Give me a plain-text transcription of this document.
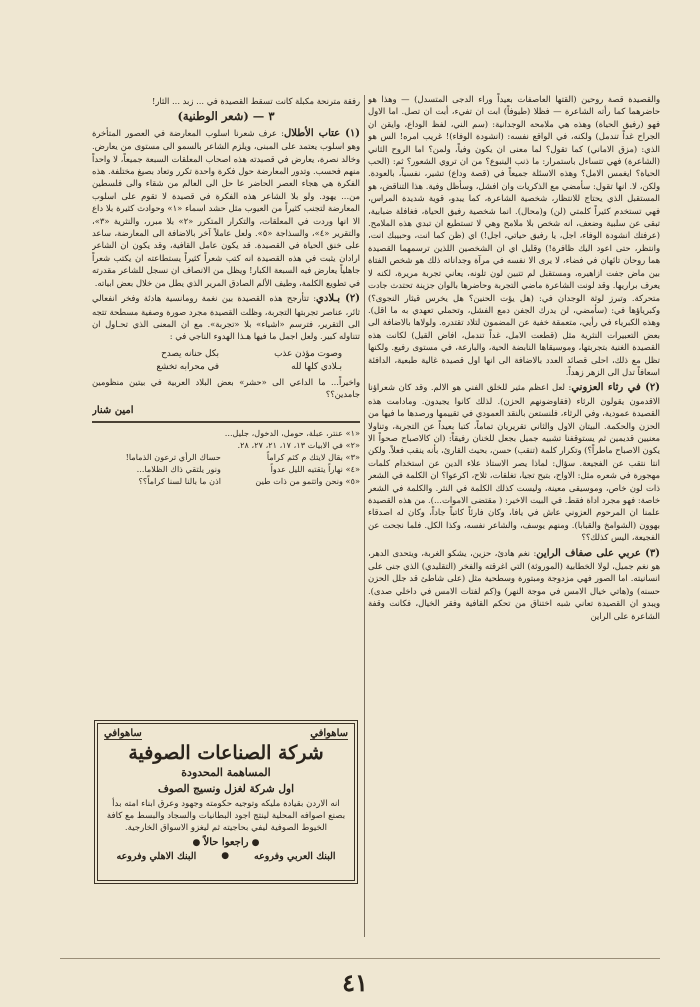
والقصيدة قصة روحين (القتها العاصفات بعيداً وراء الدجى المتسدل) — وهذا هو حاضرهما كما رأته الشاعرة — فظلا (طيوفاً) ابت ان تفيء، أبت ان تصل. اما الاول فهو (رفيق الحياة) وهذه هي ملامحه الوجدانية: (سم الني، لفظ الوداع، وايقن ان الجراح غداً تندمل) ولكنه، في الواقع نفسه: (انشودة الوفاء)! غريب امره! الس هو الذي: (مزق الاماني) كما تقول؟ لما معنى ان يكون وفياً، ولمن؟ اما الروح الثاني (الشاعرة) فهي تتساءل باستمرار: ما ذنب الينبوع؟ من ان تروي الشعور؟ ثم: (الحب الحياة؟ ايغمس الامل؟ وهذه الاسئلة جميعاً في (قصة وداع) تشير، نفسياً، بالعودة. ولكن، لا. انها تقول: سأمضي مع الذكريات وان افشل، وسأظل وفية. هذا التناقض، هو المستقبل الذي يحتاج للانتظار، شخصية الشاعرة، كما يبدو، قوية شديدة المراس، فهي تستخدم كثيراً كلمتي (لن) و(محال). انما شخصية رفيق الحياة، فغافلة ضبابية، تبقى عن سلبية وضعف، انه شخص بلا ملامح وهي لا تستطيع ان تبدي هذه الملامح. (عرفتك انشودة الوفاء، اجل، يا رفيق حياتي، اجل!) اي (ظن كما انت، وحبيبك انت، وانتظر، حتى اعود اليك ظافرة!) وقليل اي ان الشخصين اللذين ترسمهما القصيدة هما روحان تائهان في فضاء، لا يرى الا نفسه في مرآة وجداناته ذلك هو شخص الفتاة بين ماض جفت ازاهيره، ومستقبل لم تتبين لون تلونه، يعاني تجربة مريرة، لكنه لا يعرف براريها. وقد لونت الشاعرة ماضي التجربة وحاضرها بالوان جزينة تحتدث جادت متحركة. وتبرز لوثة الوجدان في: (هل يؤت الحنين؟ هل يخرس قيثار النجوى؟) وكبرياؤها في: (سأمضي، لن يدرك الجفن دمع الفشل، وتحملي تعهدي به ما اقل). وهذه الكبرياء في رأيي، متعمقة خفية عن المضمون لتلاد تقتدره. ولولاها بالاضافة الى بعض التعبيرات النثرية مثل (قطعت الامل، غداً تندمل، افاض القيل) لكانت هذه القصيدة الغنية بتجربتها، وموسيقاها النابضة الحية، والبارعة، في مستوى رفيع. ولكنها تظل مع ذلك، احلى قصائد العدد بالاضافة الى انها اول قصيدة غالية طبعية، الدافئة اسعافاً تدل الى الزهر زهداً.

(٢) في رثاء العزوني: لعل اعظم مثير للخلق الفني هو الالم. وقد كان شعراؤنا الاقدمون يقولون الرثاء (فقاوضونهم الحزن). لذلك كانوا يجيدون. ومادامت هذه القصيدة عمودية، وفي الرثاء، فلنستعن بالنقد العمودي في تقييمها ورصدها ما فيها من الحزن والحكمة. البيتان الاول والثاني تقريريان تماماً، كتبا بعيداً عن التجربة، وتناولا معنيين قديمين ثم يستوقفنا تشبيه جميل بجعل للخنان رفيقاً: (ان كالاصباح صحواً الا يكون الاصباح ماطراً؟) وتكرار كلمة (تنقب) حسن، بحيث القارئ، بأنه ينقب فعلاً. ولكن انتا نتقب عن الفجيعة. سؤال: لماذا يصر الاستاذ علاء الدين عن استخدام كلمات مهجورة في شعره مثل: الاواح، بتيح تجيا، تغلقات، ثلاح، اكرعوا؟ ان الكلمة في الشعر ذات لون خاص، وموسيقى معينة، وليست كذلك الكلمة في النثر. والكلمة في الشعر خاصة: فهو مجرد اداة فقط. في البيت الاخير: ( مقتضى الاموات...). من هذه القصيدة علمنا ان المرحوم العزوني عاش في يافا، وكان فارئاً كاتباً جاداً، وكان له اصدقاء بهوون (الشوامخ والقبابا). ومنهم يوسف، والشاعر نفسه، وكذا الكل. فلما نجحت عن الفجيعة، اليس كذلك؟؟

(٣) عربي على صفاف الراين: نغم هادئ، حزين، يشكو الغربة، ويتحدى الدهر، هو نغم جميل، لولا الخطابية (الموروثة) التي اغرقته والفخر (التقليدي) الذي جنى على انسانيته. اما الصور فهي مزدوجة ومبتورة وسطحية مثل (على شاطئ قد جلل الحزن حسنه) و(هاتي خيال الامس في موجة النهر) و(كم لفتات الامس في داخلي صدى). ويبدو ان القصيدة تعاني شبه اختناق من تحكم القافية وفقر الخيال، فكانت وقفة الشاعرة على الراين

رفقة مترنحة مكبلة كانت تسقط القصيدة في ... زبد ... الثار!

٣ — (شعر الوطنية)

(١) عتاب الأطلال: عرف شعرنا اسلوب المعارضة في العصور المتأخرة وهو اسلوب يعتمد على المبنى، ويلزم الشاعر بالسمو الى مستوى من يعارض. وخالد نصرة، يعارض في قصيدته هذه اصحاب المعلقات السبعة جميعاً، لا واحداً منهم فحسب. وتدور المعارضة حول فكرة واحدة تكرر وتعاد بصيغ مختلفة. هذه الفكرة هي هجاء العصر الحاضر عا حل الى العالم من شقاء والى فلسطين من... يهود. ولو بلا الشاعر هذه الفكرة في قصيدة لا تقوم على اسلوب المعارضة لتجنب كثيراً من العيوب مثل حشد اسماء «١» وحوادث كثيرة بلا داع الا انها وردت في المعلقات، والتكرار المتكرر «٢» بلا مبرر، والنثرية «٣»، والتقرير «٤»، والسذاجة «٥». ولعل عاملاً آخر بالاضافة الى المعارضة، ساعد على خنق الحياة في القصيدة. قد يكون عامل القافية، وقد يكون ان الشاعر ارادان يثبت في هذه القصيدة انه كتب شعراً كثيراً يستطاعته ان يكتب شعراً جاهلياً يعارض فيه السبعة الكبار! ويظل من الانصاف ان نسجل للشاعر مقدرته في تطويع الكلمة، وطيف الألم الصادق المرير الذي يطل من خلال بعض ابياته.

(٢) بـلادي: تتأرجح هذه القصيدة بين نغمة رومانسية هادئة وفخر انفعالي ثائر، عناصر تجربتها التجربة، وظلت القصيدة مجرد صورة وصفية مسطحة تتجه الى التقرير، فترسم «اشياء» بلا «تجربة». مع ان المعنى الذي تحـاول ان تتناوله كبير. ولعل اجمل ما فيها هـذا الهدوء الناجي في :

وصوت مؤذن عذب
بكل حنانه يصدح
بـلادي كلها لله
في محرابه تخشع

واخيراً... ما الداعي الى «حشر» بعض البلاد العربية في بيتين منظومين جامدين؟؟

امين شنار
«١» عنتر، عبلة، حومل، الدخول، جليل...
«٢» في الابيات ١٣، ١٧، ٢١، ٢٧، ٢٨.
«٣» بقال لايتك م كثم كراماً
حساك الرأي ترعون الذماما!
«٤» نهاراً يتقتيه الليل عدواً
ونور يلتقي ذاك الظلاما...
«٥» ونحن واتتمو من ذات طين
اذن ما بالنا لسنا كراماً؟؟
ساهوافي
ساهوافي
شركة الصناعات الصوفية
المساهمة المحدودة
اول شركة لغزل ونسيج الصوف
انه الاردن بقيادة مليكه وتوجيه حكومته وجهود وعرق ابناء امته بدأ بصنع اصوافه المحلية لينتج اجود البطانيات والسجاد والبسط مع كافة الخيوط الصوفية ليفي بحاجيته ثم ليغزو الاسواق الخارجية.
● راجعوا حالاً ●
البنك العربي وفروعه
●
البنك الاهلي وفروعه
٤١
